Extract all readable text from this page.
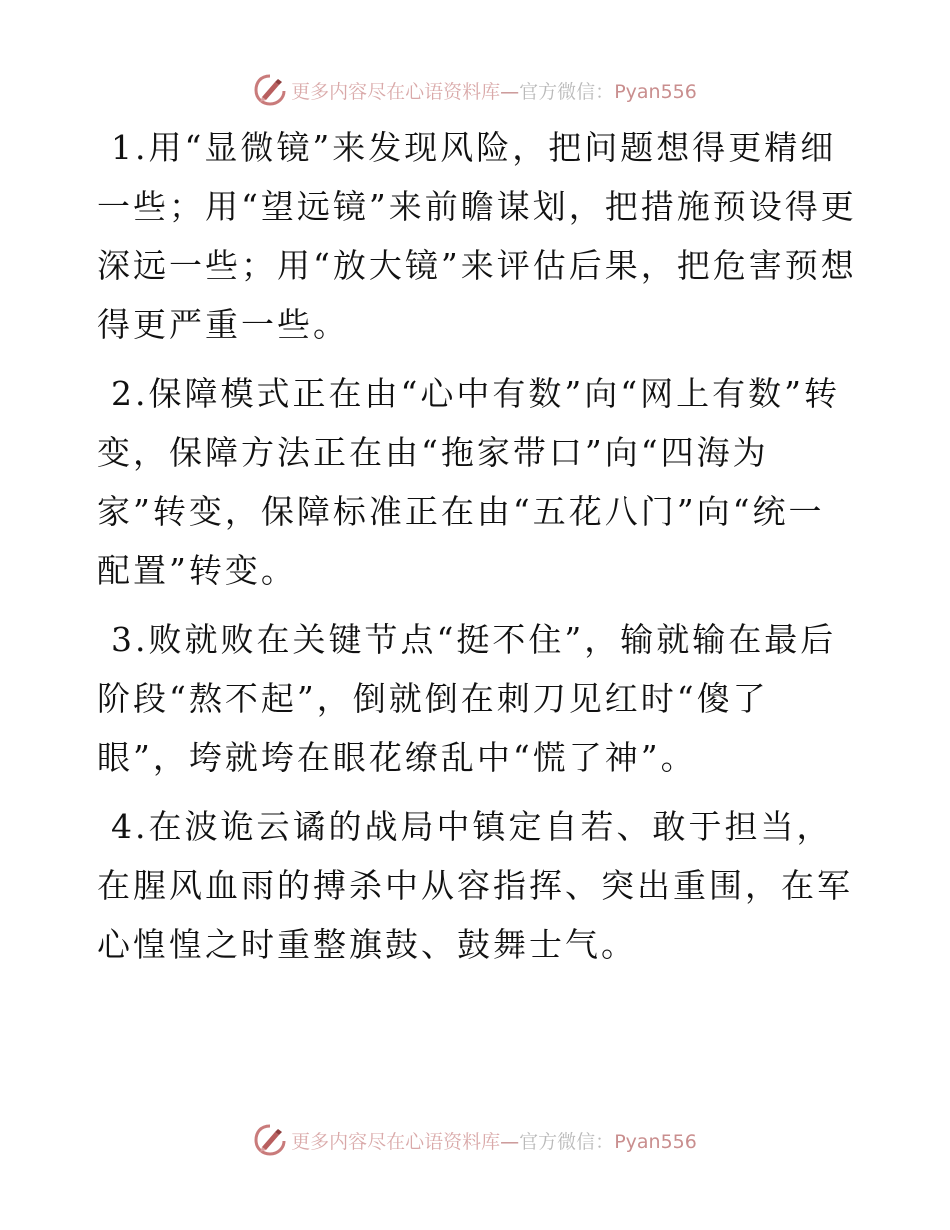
更多内容尽在心语资料库—官方微信：Pyan556

1.用“显微镜”来发现风险，把问题想得更精细一些；用“望远镜”来前瞻谋划，把措施预设得更深远一些；用“放大镜”来评估后果，把危害预想得更严重一些。

2.保障模式正在由“心中有数”向“网上有数”转变，保障方法正在由“拖家带口”向“四海为家”转变，保障标准正在由“五花八门”向“统一配置”转变。

3.败就败在关键节点“挺不住”，输就输在最后阶段“熬不起”，倒就倒在刺刀见红时“傻了眼”，垮就垮在眼花缭乱中“慌了神”。

4.在波诡云谲的战局中镇定自若、敢于担当，在腥风血雨的搏杀中从容指挥、突出重围，在军心惶惶之时重整旗鼓、鼓舞士气。

更多内容尽在心语资料库—官方微信：Pyan556
